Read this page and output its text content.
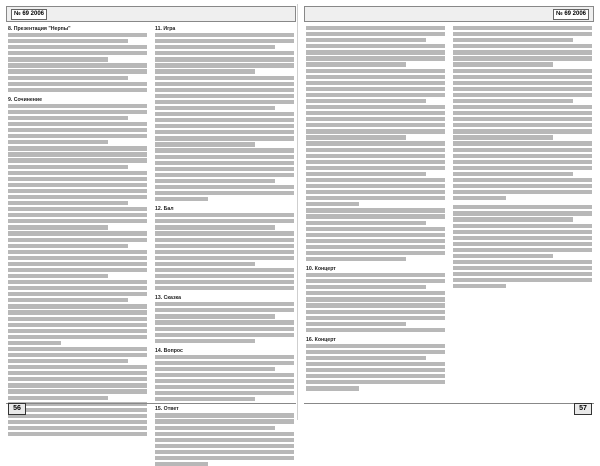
№ 69 2006
8. Презентация "Нерпы"
9. Сочинение
11. Игра
12. Бал
13. Сказка
14. Вопрос
15. Ответ
56
№ 69 2006
10. Концерт
16. Концерт
57
